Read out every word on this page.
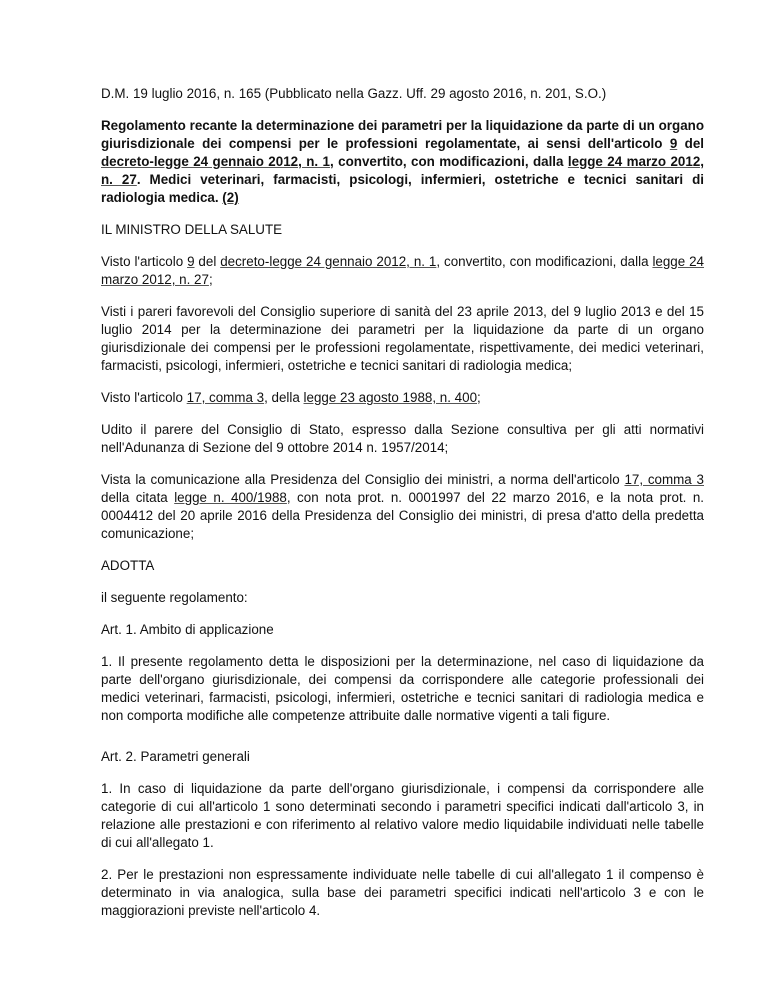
D.M. 19 luglio 2016, n. 165 (Pubblicato nella Gazz. Uff. 29 agosto 2016, n. 201, S.O.)

Regolamento recante la determinazione dei parametri per la liquidazione da parte di un organo giurisdizionale dei compensi per le professioni regolamentate, ai sensi dell'articolo 9 del decreto-legge 24 gennaio 2012, n. 1, convertito, con modificazioni, dalla legge 24 marzo 2012, n. 27. Medici veterinari, farmacisti, psicologi, infermieri, ostetriche e tecnici sanitari di radiologia medica. (2)

IL MINISTRO DELLA SALUTE

Visto l'articolo 9 del decreto-legge 24 gennaio 2012, n. 1, convertito, con modificazioni, dalla legge 24 marzo 2012, n. 27;

Visti i pareri favorevoli del Consiglio superiore di sanità del 23 aprile 2013, del 9 luglio 2013 e del 15 luglio 2014 per la determinazione dei parametri per la liquidazione da parte di un organo giurisdizionale dei compensi per le professioni regolamentate, rispettivamente, dei medici veterinari, farmacisti, psicologi, infermieri, ostetriche e tecnici sanitari di radiologia medica;

Visto l'articolo 17, comma 3, della legge 23 agosto 1988, n. 400;

Udito il parere del Consiglio di Stato, espresso dalla Sezione consultiva per gli atti normativi nell'Adunanza di Sezione del 9 ottobre 2014 n. 1957/2014;

Vista la comunicazione alla Presidenza del Consiglio dei ministri, a norma dell'articolo 17, comma 3 della citata legge n. 400/1988, con nota prot. n. 0001997 del 22 marzo 2016, e la nota prot. n. 0004412 del 20 aprile 2016 della Presidenza del Consiglio dei ministri, di presa d'atto della predetta comunicazione;

ADOTTA

il seguente regolamento:

Art. 1. Ambito di applicazione

1. Il presente regolamento detta le disposizioni per la determinazione, nel caso di liquidazione da parte dell'organo giurisdizionale, dei compensi da corrispondere alle categorie professionali dei medici veterinari, farmacisti, psicologi, infermieri, ostetriche e tecnici sanitari di radiologia medica e non comporta modifiche alle competenze attribuite dalle normative vigenti a tali figure.

Art. 2. Parametri generali

1. In caso di liquidazione da parte dell'organo giurisdizionale, i compensi da corrispondere alle categorie di cui all'articolo 1 sono determinati secondo i parametri specifici indicati dall'articolo 3, in relazione alle prestazioni e con riferimento al relativo valore medio liquidabile individuati nelle tabelle di cui all'allegato 1.

2. Per le prestazioni non espressamente individuate nelle tabelle di cui all'allegato 1 il compenso è determinato in via analogica, sulla base dei parametri specifici indicati nell'articolo 3 e con le maggiorazioni previste nell'articolo 4.
